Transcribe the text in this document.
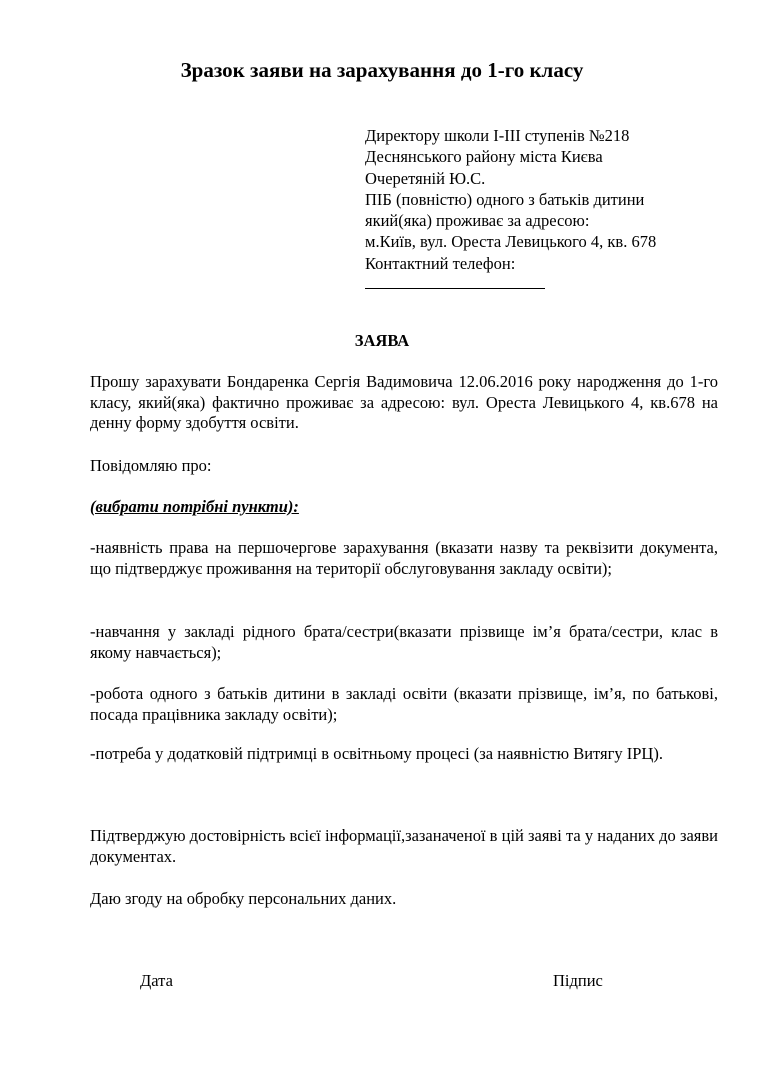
Зразок заяви на зарахування до 1-го класу
Директору школи І-ІІІ ступенів №218
Деснянського району міста Києва
Очеретяній Ю.С.
ПІБ (повністю) одного з батьків дитини
який(яка) проживає за адресою:
м.Київ, вул. Ореста Левицького 4, кв. 678
Контактний телефон:
ЗАЯВА
Прошу зарахувати Бондаренка Сергія Вадимовича 12.06.2016 року народження до 1-го класу, який(яка) фактично проживає за адресою: вул. Ореста Левицького 4, кв.678 на денну форму здобуття освіти.
Повідомляю про:
(вибрати потрібні пункти):
-наявність права на першочергове зарахування (вказати назву та реквізити документа, що підтверджує проживання на території обслуговування закладу освіти);
-навчання у закладі рідного брата/сестри(вказати прізвище ім’я брата/сестри, клас в якому навчається);
-робота одного з батьків дитини в закладі освіти (вказати прізвище, ім’я, по батькові, посада працівника закладу освіти);
-потреба у додатковій підтримці в освітньому процесі (за наявністю Витягу ІРЦ).
Підтверджую достовірність всієї інформації,зазаначеної в цій заяві та у наданих до заяви документах.
Даю згоду на обробку персональних даних.
Дата	Підпис
